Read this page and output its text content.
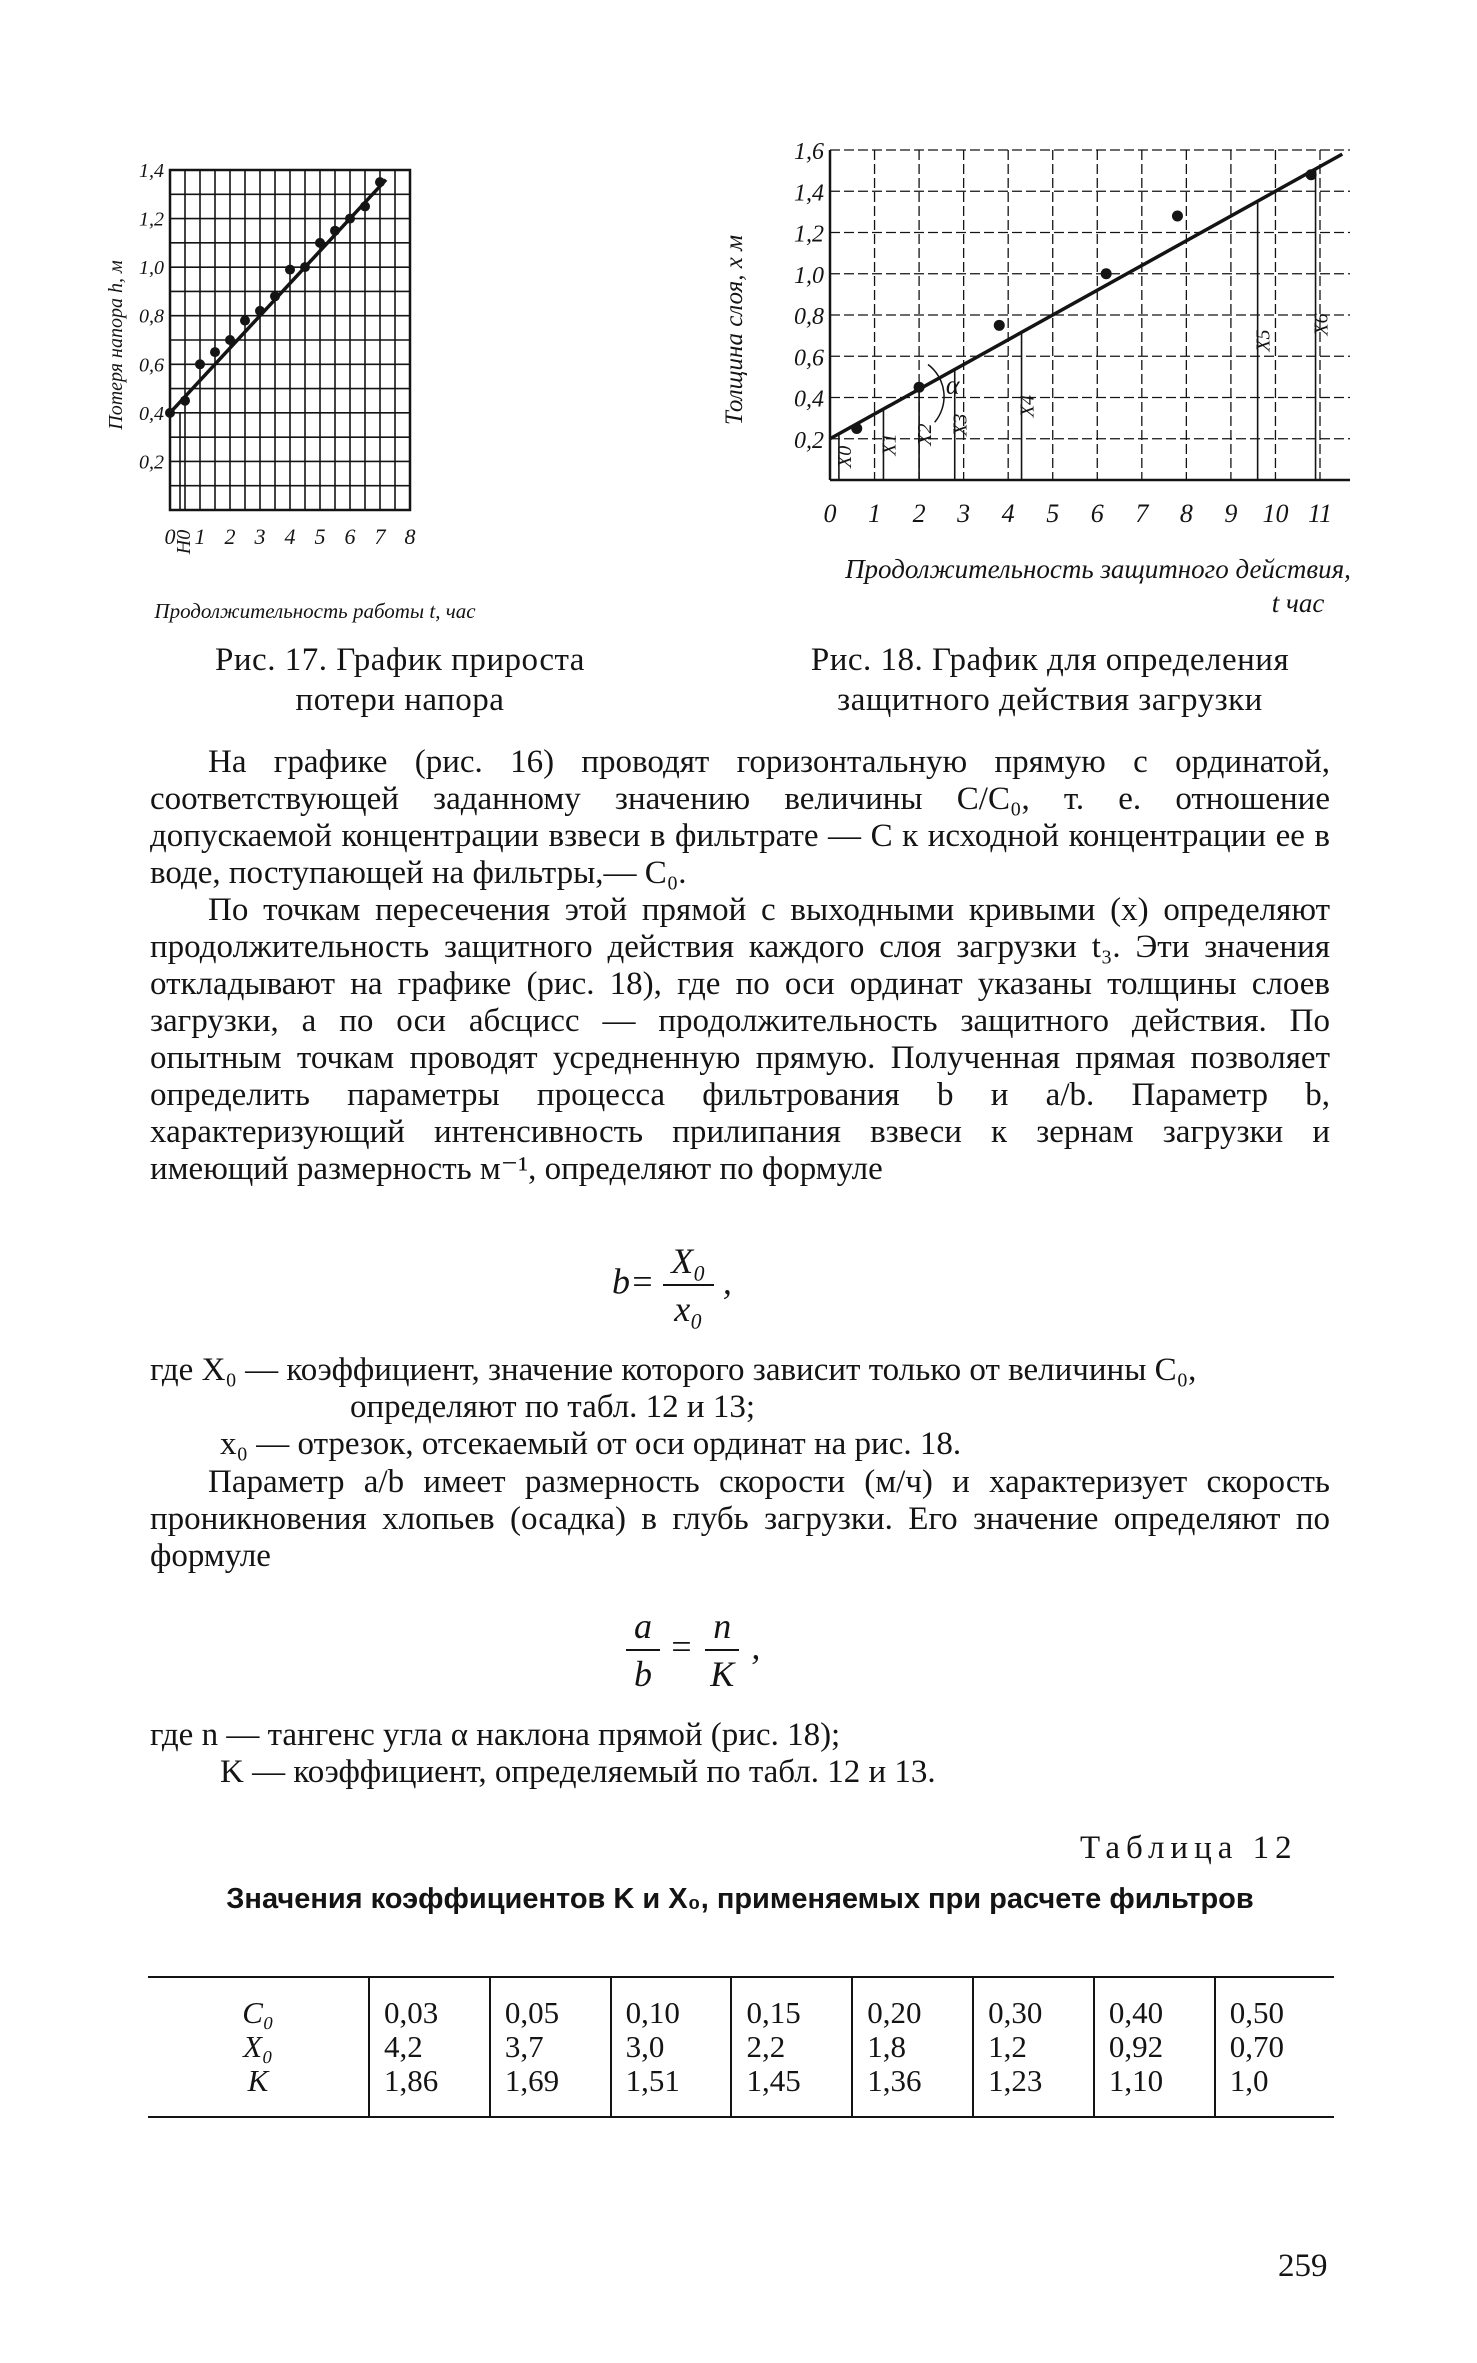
0 1 2 3 4 5 6 7 8
0,2
0,4
0,6
0,8
1,0
1,2
1,4
Потеря напора h, м
Продолжительность работы t, час
H0
0 1 2 3 4 5 6 7 8 9 10 11
0,2
0,4
0,6
0,8
1,0
1,2
1,4
1,6
X0
X1 X2 X3
X4
X5
X6
Толщина слоя, x м
Продолжительность защитного действия,
t час
α
Рис. 17. График прироста
потери напора
Рис. 18. График для определения
защитного действия загрузки

На графике (рис. 16) проводят горизонтальную прямую с ординатой, соответствующей заданному значению величины C/C₀, т. е. отношение допускаемой концентрации взвеси в фильтрате — C к исходной концентрации ее в воде, поступающей на фильтры,— C₀.

По точкам пересечения этой прямой с выходными кривыми (x) определяют продолжительность защитного действия каждого слоя загрузки t₃. Эти значения откладывают на графике (рис. 18), где по оси ординат указаны толщины слоев загрузки, а по оси абсцисс — продолжительность защитного действия. По опытным точкам проводят усредненную прямую. Полученная прямая позволяет определить параметры процесса фильтрования b и a/b. Параметр b, характеризующий интенсивность прилипания взвеси к зернам загрузки и имеющий размерность м⁻¹, определяют по формуле

$b= \frac{\text{X₀}}{\text{x₀}}$ ,
где X₀ — коэффициент, значение которого зависит только от величины C₀, определяют по табл. 12 и 13;
x₀ — отрезок, отсекаемый от оси ординат на рис. 18.

Параметр a/b имеет размерность скорости (м/ч) и характеризует скорость проникновения хлопьев (осадка) в глубь загрузки. Его значение определяют по формуле

$\frac{a}{b} = \frac{n}{K}$ ,
где n — тангенс угла α наклона прямой (рис. 18);
K — коэффициент, определяемый по табл. 12 и 13.
Таблица 12
Значения коэффициентов K и X₀, применяемых при расчете фильтров
C₀	0,03	0,05	0,10	0,15	0,20	0,30	0,40	0,50
X₀	4,2	3,7	3,0	2,2	1,8	1,2	0,92	0,70
K	1,86	1,69	1,51	1,45	1,36	1,23	1,10	1,0
259
